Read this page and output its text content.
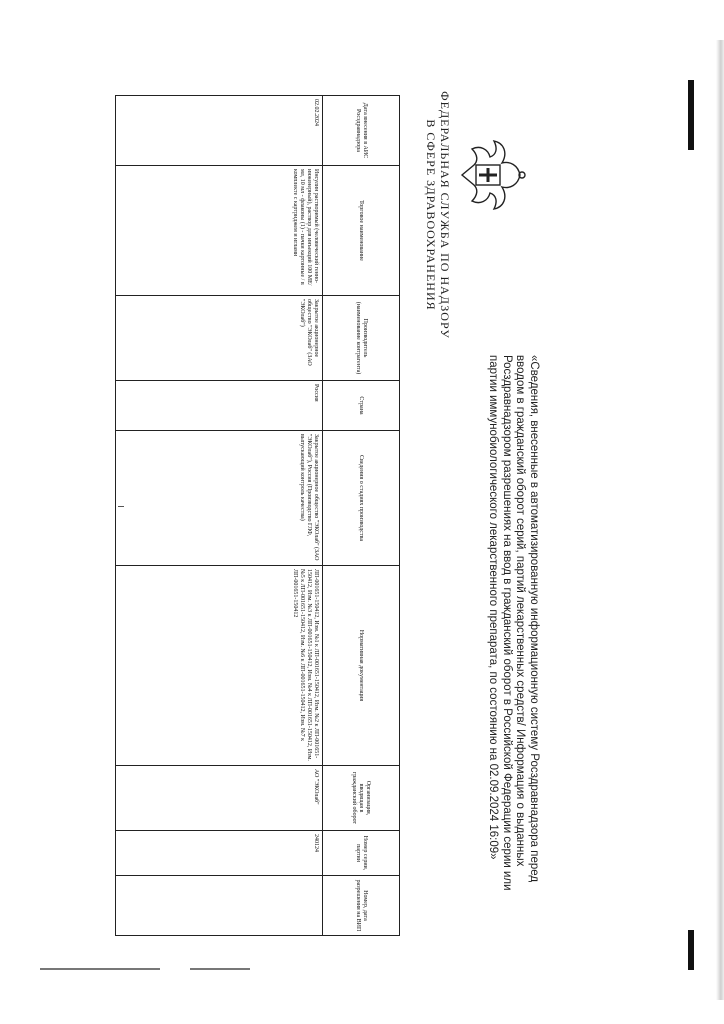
ФЕДЕРАЛЬНАЯ СЛУЖБА ПО НАДЗОРУ
В СФЕРЕ ЗДРАВООХРАНЕНИЯ
«Сведения, внесенные в автоматизированную информационную систему Росздравнадзора перед вводом в гражданский оборот серий, партий лекарственных средств/ Информация о выданных Росздравнадзором разрешениях на ввод в гражданский оборот в Российской Федерации серии или партии иммунобиологического лекарственного препарата, по состоянию на 02.09.2024 16:09»
Дата внесения в АИС Росздравнадзора	Торговое наименование	Производитель (наименование контрагента)	Страна	Сведения о стадиях производства	Нормативная документация	Организация, вводящая в гражданский оборот	Номер серии, партии	Номер, дата разрешения на ВИП
02.02.2024	Инсулин растворимый (человеческий генно-инженерный), раствор для инъекций 100 МЕ/мл, 10 мл - флаконы (1) - пачки картонные / в комплекте с картриджем и иглами	Закрытое акционерное общество "ЭКОлаб" (ЗАО "ЭКОлаб")	Россия	Закрытое акционерное общество "ЭКОлаб" (ЗАО "ЭКОлаб"), Россия (Производство ГЛФ, выпускающий контроль качества)	ЛП-001651-150412, Изм. №1 к ЛП-001651-150412, Изм. №2 к ЛП-001651-150412, Изм. №3 к ЛП-001651-150412, Изм. №4 к ЛП-001651-150412, Изм. №5 к ЛП-001651-150412, Изм. №6 к ЛП-001651-150412, Изм. №7 к ЛП-001651-150412	АО "ЭКОлаб"	240124	
